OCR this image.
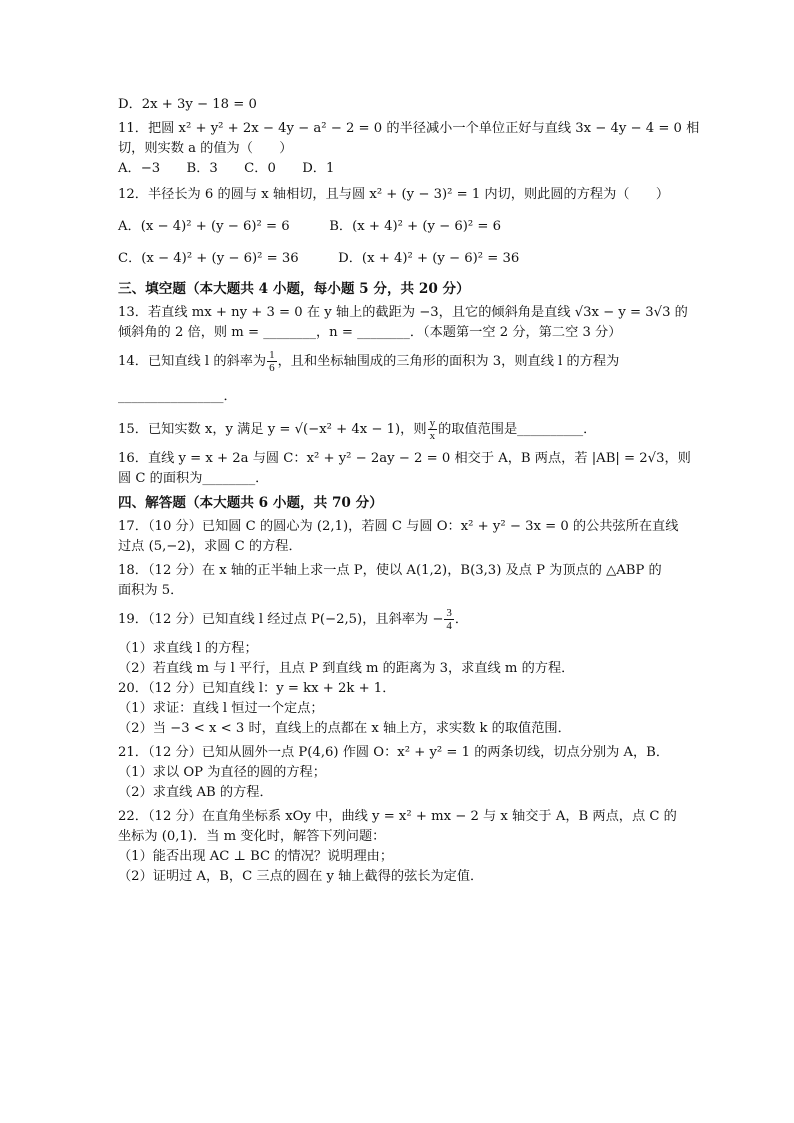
D．2x + 3y − 18 = 0
11．把圆 x² + y² + 2x − 4y − a² − 2 = 0 的半径减小一个单位正好与直线 3x − 4y − 4 = 0 相
切，则实数 a 的值为（　　）
A．−3　　B．3　　C．0　　D．1
12．半径长为 6 的圆与 x 轴相切，且与圆 x² + (y − 3)² = 1 内切，则此圆的方程为（　　）
A．(x − 4)² + (y − 6)² = 6　　　B．(x + 4)² + (y − 6)² = 6
C．(x − 4)² + (y − 6)² = 36　　　D．(x + 4)² + (y − 6)² = 36
三、填空题（本大题共 4 小题，每小题 5 分，共 20 分）
13．若直线 mx + ny + 3 = 0 在 y 轴上的截距为 −3，且它的倾斜角是直线 √3x − y = 3√3 的
倾斜角的 2 倍，则 m = ________，n = ________．（本题第一空 2 分，第二空 3 分）
14．已知直线 l 的斜率为 $\frac{1}{6}$ ，且和坐标轴围成的三角形的面积为 3，则直线 l 的方程为
________________．
15．已知实数 x，y 满足 y = √(−x² + 4x − 1)，则 $\frac{y}{x}$ 的取值范围是__________．
16．直线 y = x + 2a 与圆 C：x² + y² − 2ay − 2 = 0 相交于 A，B 两点，若 |AB| = 2√3，则
圆 C 的面积为________．
四、解答题（本大题共 6 小题，共 70 分）
17．（10 分）已知圆 C 的圆心为 (2,1)，若圆 C 与圆 O：x² + y² − 3x = 0 的公共弦所在直线
过点 (5,−2)，求圆 C 的方程．
18．（12 分）在 x 轴的正半轴上求一点 P，使以 A(1,2)，B(3,3) 及点 P 为顶点的 △ABP 的
面积为 5．
19．（12 分）已知直线 l 经过点 P(−2,5)，且斜率为 − $\frac{3}{4}$ ．
（1）求直线 l 的方程；
（2）若直线 m 与 l 平行，且点 P 到直线 m 的距离为 3，求直线 m 的方程．
20．（12 分）已知直线 l：y = kx + 2k + 1．
（1）求证：直线 l 恒过一个定点；
（2）当 −3 < x < 3 时，直线上的点都在 x 轴上方，求实数 k 的取值范围．
21．（12 分）已知从圆外一点 P(4,6) 作圆 O：x² + y² = 1 的两条切线，切点分别为 A，B．
（1）求以 OP 为直径的圆的方程；
（2）求直线 AB 的方程．
22．（12 分）在直角坐标系 xOy 中，曲线 y = x² + mx − 2 与 x 轴交于 A，B 两点，点 C 的
坐标为 (0,1)．当 m 变化时，解答下列问题：
（1）能否出现 AC ⊥ BC 的情况？说明理由；
（2）证明过 A，B，C 三点的圆在 y 轴上截得的弦长为定值．
